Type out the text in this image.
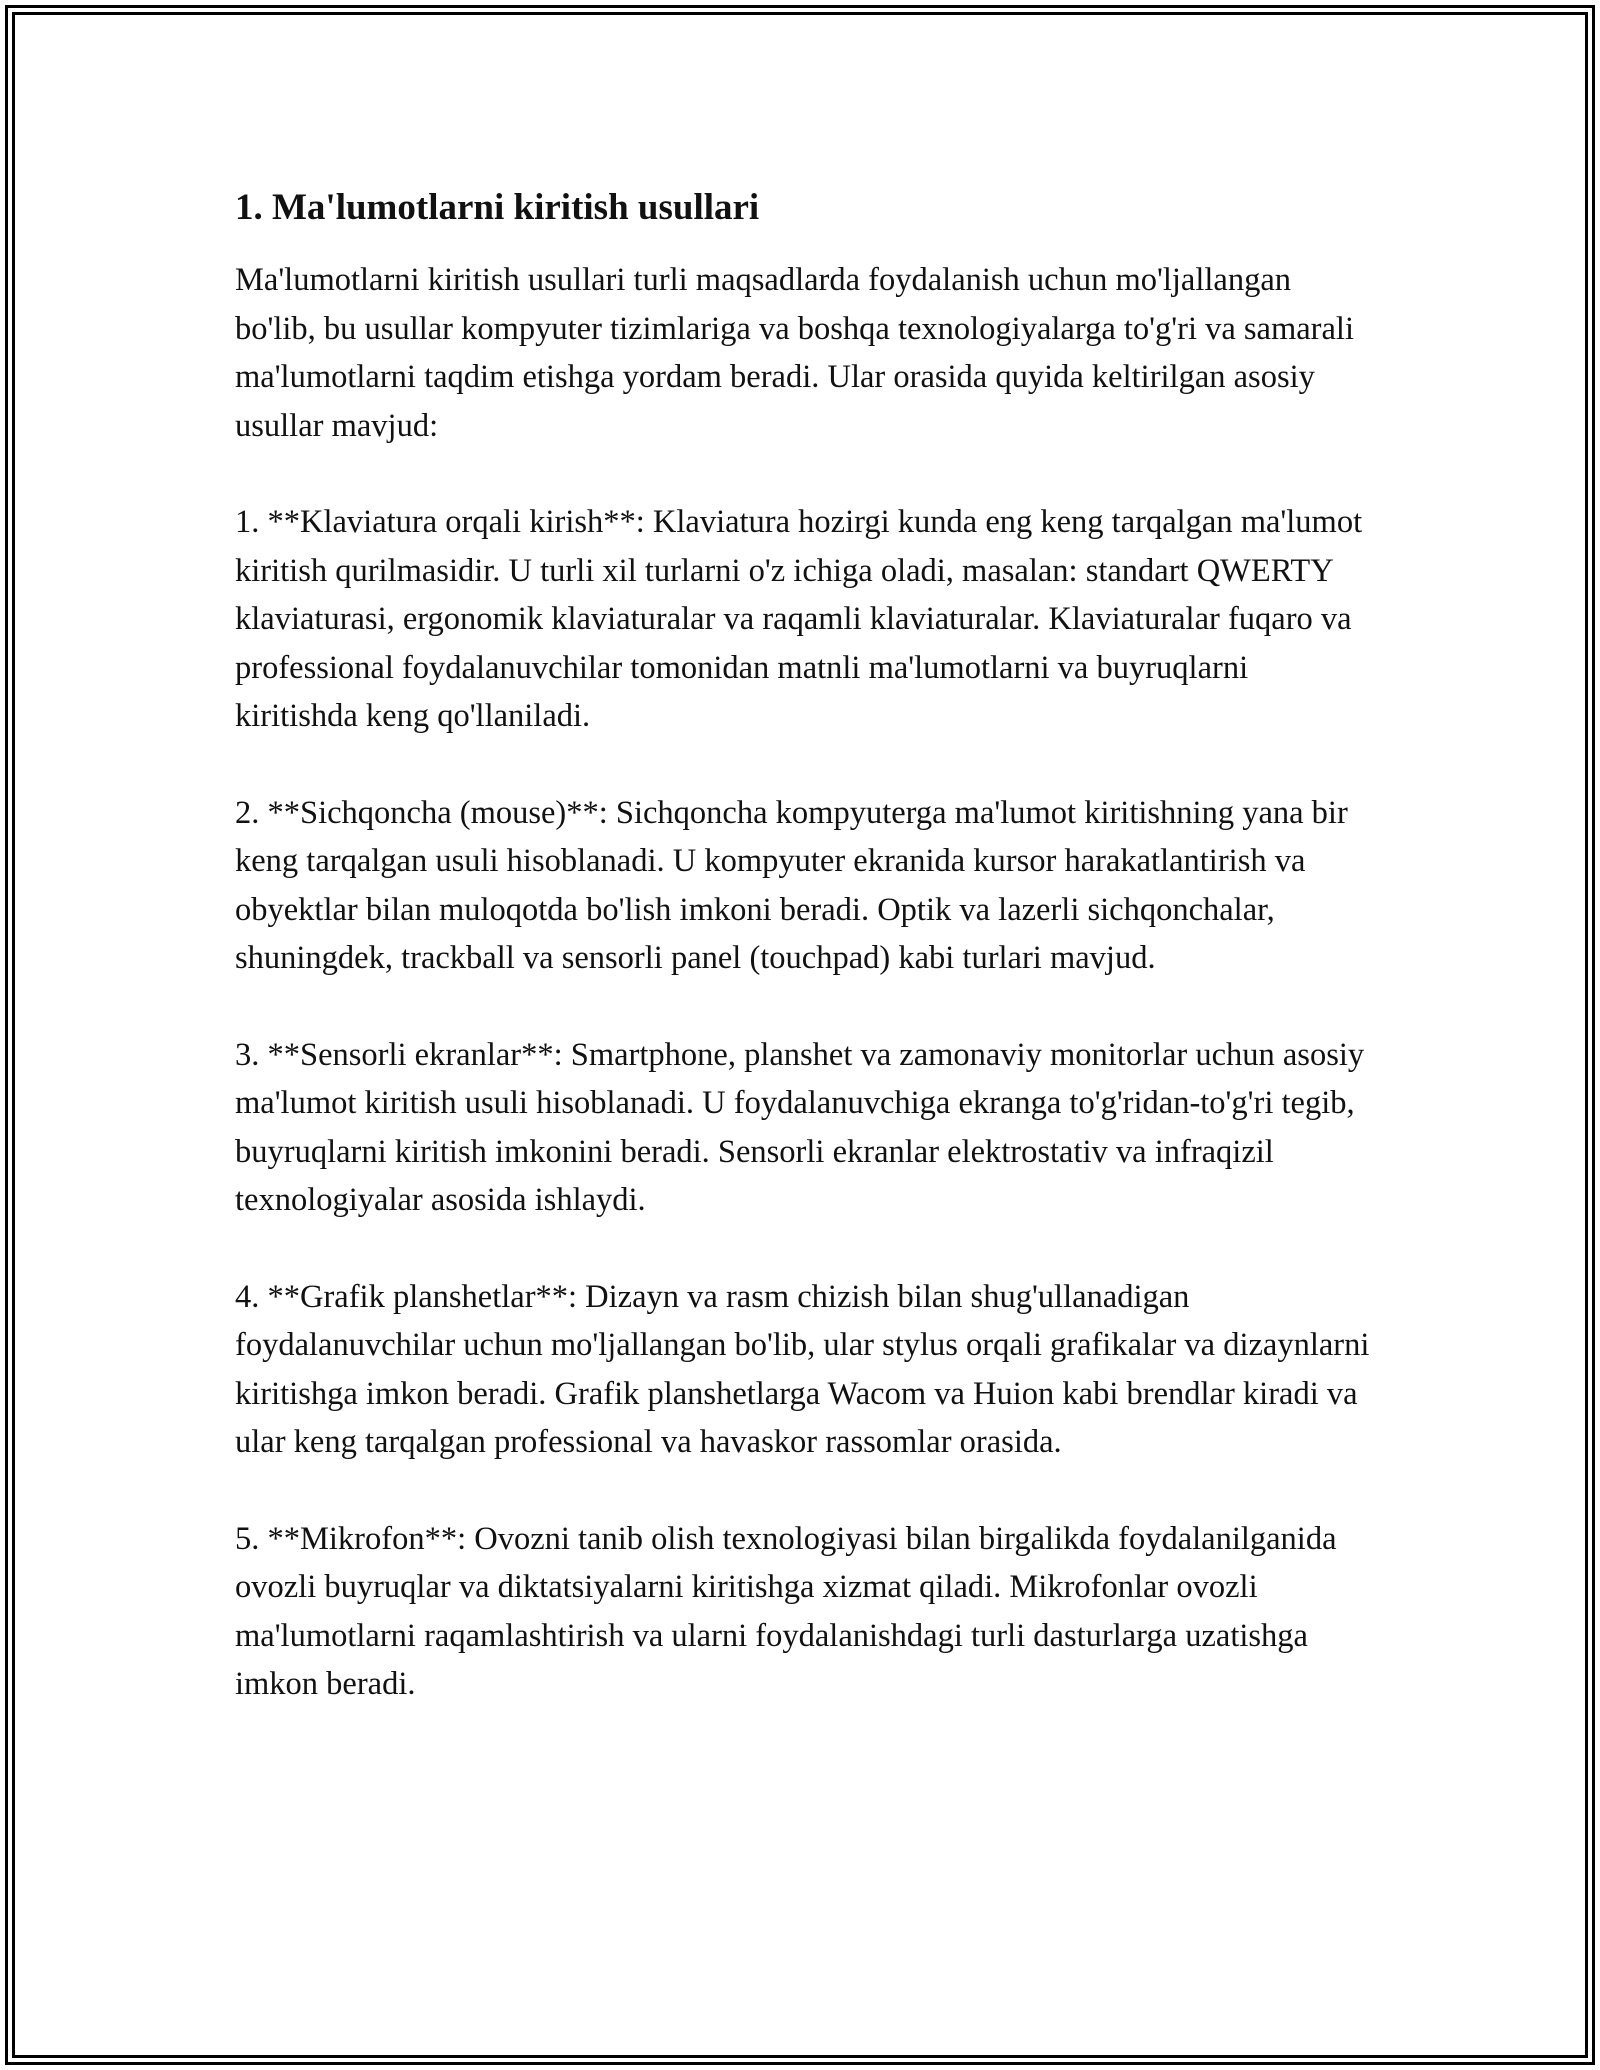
1. Ma'lumotlarni kiritish usullari

Ma'lumotlarni kiritish usullari turli maqsadlarda foydalanish uchun mo'ljallangan bo'lib, bu usullar kompyuter tizimlariga va boshqa texnologiyalarga to'g'ri va samarali ma'lumotlarni taqdim etishga yordam beradi. Ular orasida quyida keltirilgan asosiy usullar mavjud:

1. **Klaviatura orqali kirish**: Klaviatura hozirgi kunda eng keng tarqalgan ma'lumot kiritish qurilmasidir. U turli xil turlarni o'z ichiga oladi, masalan: standart QWERTY klaviaturasi, ergonomik klaviaturalar va raqamli klaviaturalar. Klaviaturalar fuqaro va professional foydalanuvchilar tomonidan matnli ma'lumotlarni va buyruqlarni kiritishda keng qo'llaniladi.

2. **Sichqoncha (mouse)**: Sichqoncha kompyuterga ma'lumot kiritishning yana bir keng tarqalgan usuli hisoblanadi. U kompyuter ekranida kursor harakatlantirish va obyektlar bilan muloqotda bo'lish imkoni beradi. Optik va lazerli sichqonchalar, shuningdek, trackball va sensorli panel (touchpad) kabi turlari mavjud.

3. **Sensorli ekranlar**: Smartphone, planshet va zamonaviy monitorlar uchun asosiy ma'lumot kiritish usuli hisoblanadi. U foydalanuvchiga ekranga to'g'ridan-to'g'ri tegib, buyruqlarni kiritish imkonini beradi. Sensorli ekranlar elektrostativ va infraqizil texnologiyalar asosida ishlaydi.

4. **Grafik planshetlar**: Dizayn va rasm chizish bilan shug'ullanadigan foydalanuvchilar uchun mo'ljallangan bo'lib, ular stylus orqali grafikalar va dizaynlarni kiritishga imkon beradi. Grafik planshetlarga Wacom va Huion kabi brendlar kiradi va ular keng tarqalgan professional va havaskor rassomlar orasida.

5. **Mikrofon**: Ovozni tanib olish texnologiyasi bilan birgalikda foydalanilganida ovozli buyruqlar va diktatsiyalarni kiritishga xizmat qiladi. Mikrofonlar ovozli ma'lumotlarni raqamlashtirish va ularni foydalanishdagi turli dasturlarga uzatishga imkon beradi.
